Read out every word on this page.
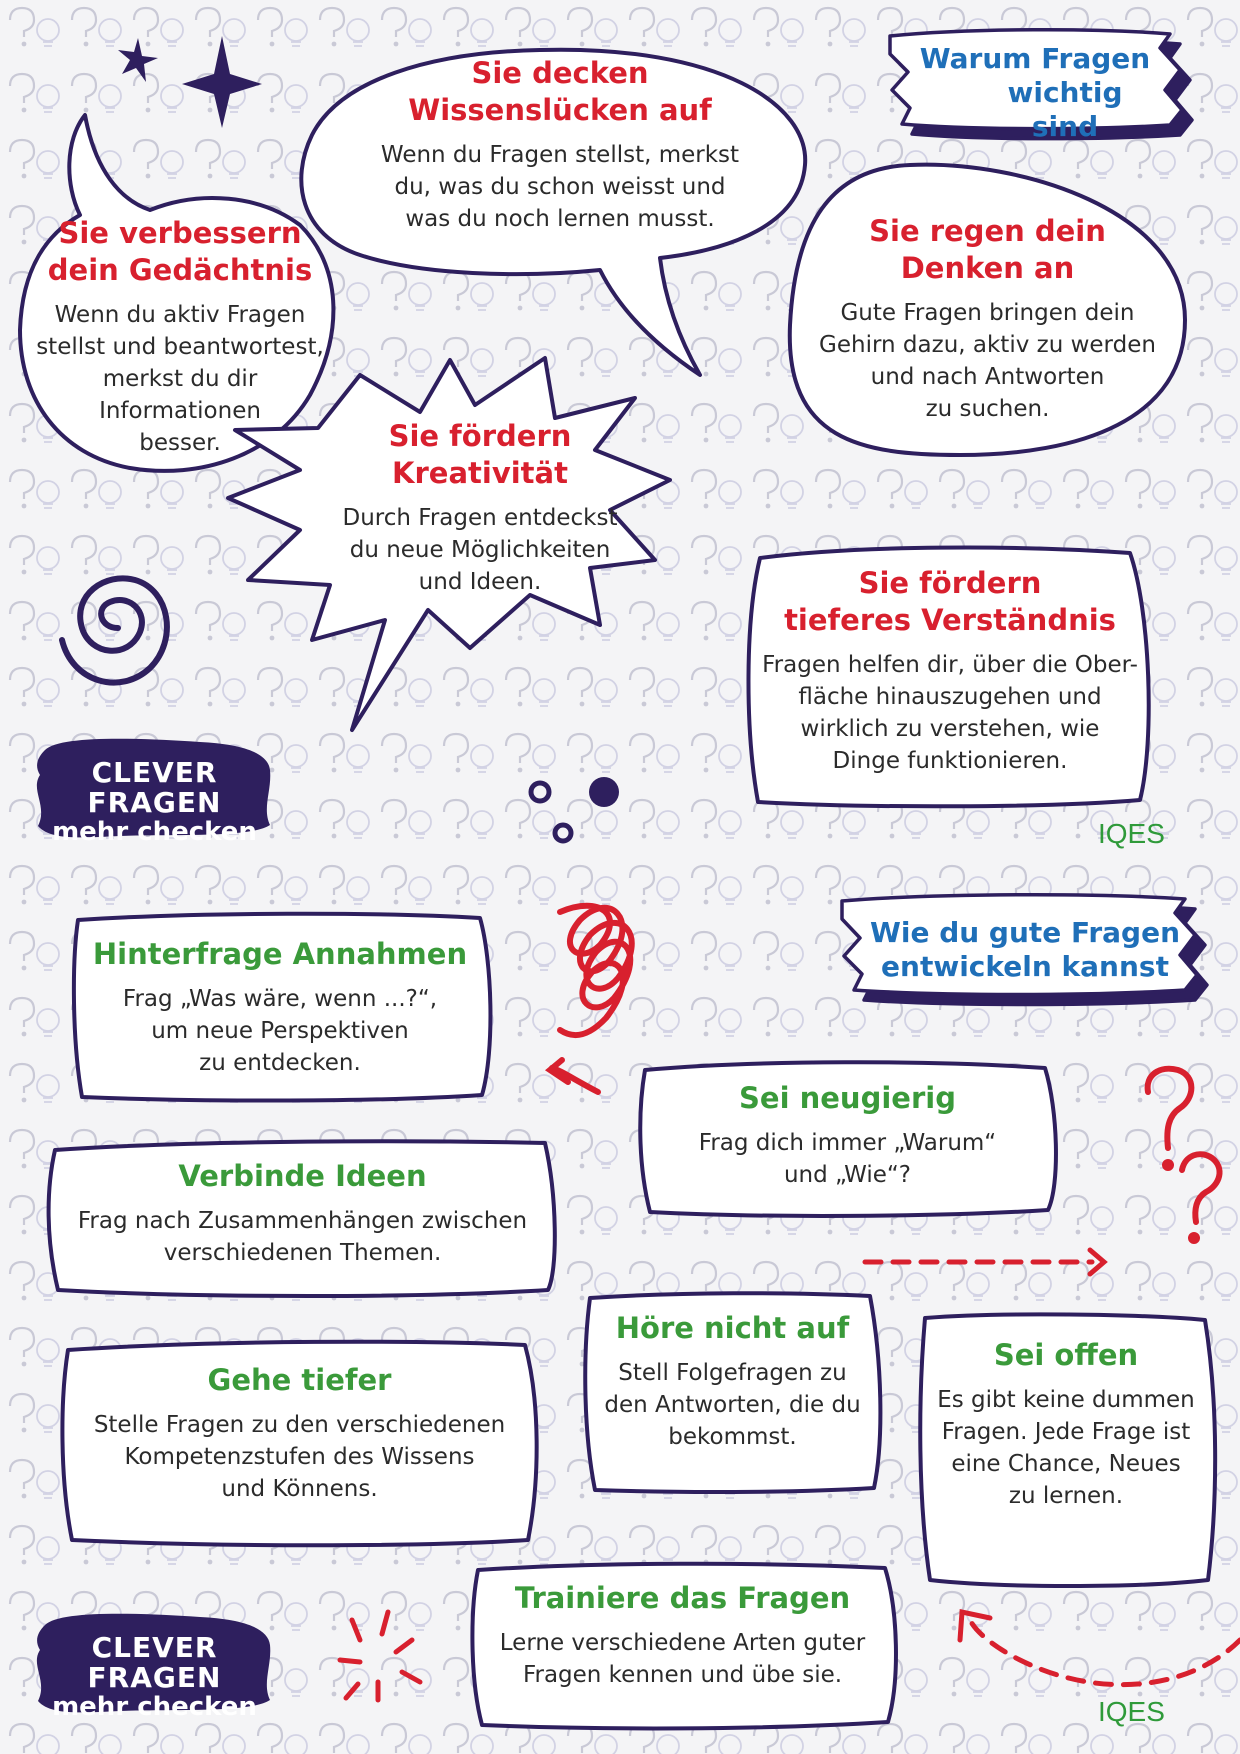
Warum Fragen
wichtig sind
Sie decken
Wissenslücken auf
Wenn du Fragen stellst, merkst
du, was du schon weisst und
was du noch lernen musst.
Sie verbessern
dein Gedächtnis
Wenn du aktiv Fragen
stellst und beantwortest,
merkst du dir
Informationen
besser.
Sie regen dein
Denken an
Gute Fragen bringen dein
Gehirn dazu, aktiv zu werden
und nach Antworten
zu suchen.
Sie fördern
Kreativität
Durch Fragen entdeckst
du neue Möglichkeiten
und Ideen.	Sie fördern
tieferes Verständnis
Fragen helfen dir, über die Ober-
fläche hinauszugehen und
wirklich zu verstehen, wie
Dinge funktionieren.
CLEVER FRAGEN
mehr checken	IQES
Wie du gute Fragen
entwickeln kannst
Hinterfrage Annahmen
Frag „Was wäre, wenn ...?“,
um neue Perspektiven
zu entdecken.
Sei neugierig
Frag dich immer „Warum“
und „Wie“?
Verbinde Ideen
Frag nach Zusammenhängen zwischen
verschiedenen Themen.
Höre nicht auf
Stell Folgefragen zu
den Antworten, die du
bekommst.
Gehe tiefer
Stelle Fragen zu den verschiedenen
Kompetenzstufen des Wissens
und Könnens.
Sei offen
Es gibt keine dummen
Fragen. Jede Frage ist
eine Chance, Neues
zu lernen.
Trainiere das Fragen
Lerne verschiedene Arten guter
Fragen kennen und übe sie.
CLEVER FRAGEN
mehr checken	IQES
